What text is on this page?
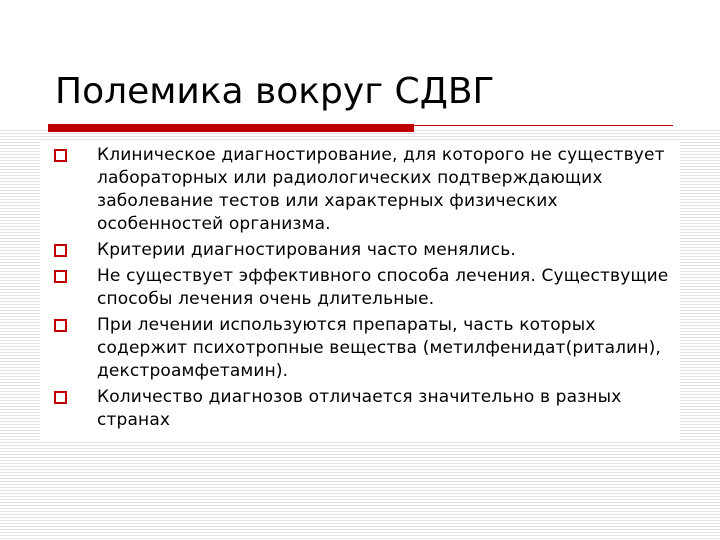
Полемика вокруг СДВГ
Клиническое диагностирование, для которого не существует лабораторных или радиологических подтверждающих заболевание тестов или характерных физических особенностей организма.
Критерии диагностирования часто менялись.
Не существует эффективного способа лечения. Существущие способы лечения очень длительные.
При лечении используются препараты, часть которых содержит психотропные вещества (метилфенидат(риталин), декстроамфетамин).
Количество диагнозов отличается значительно в разных странах
